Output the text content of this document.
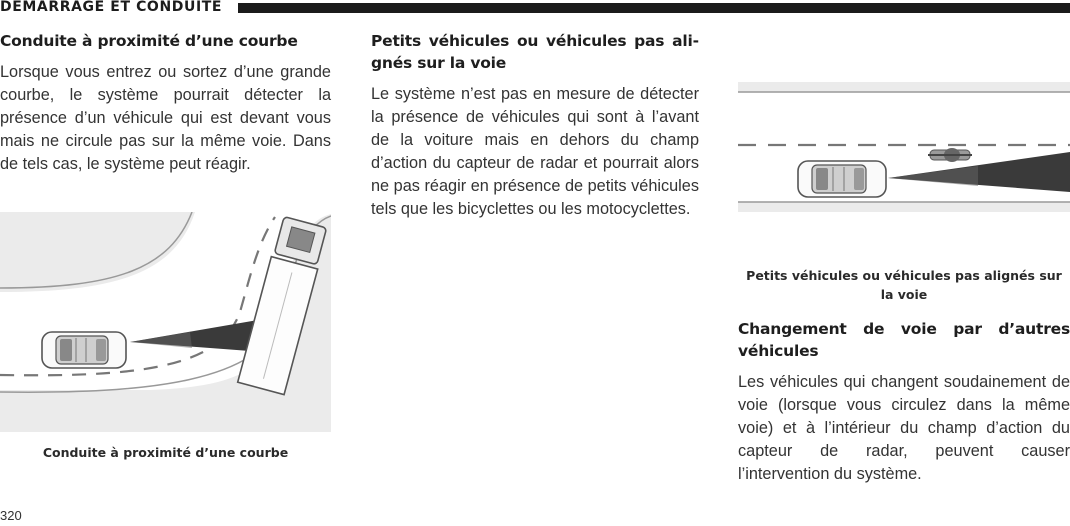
DÉMARRAGE ET CONDUITE
Conduite à proximité d’une courbe

Lorsque vous entrez ou sortez d’une grande courbe, le système pourrait détecter la présence d’un véhicule qui est devant vous mais ne circule pas sur la même voie. Dans de tels cas, le système peut réagir.

Conduite à proximité d’une courbe

Petits véhicules ou véhicules pas alignés sur la voie

Le système n’est pas en mesure de détecter la présence de véhicules qui sont à l’avant de la voiture mais en dehors du champ d’action du capteur de radar et pourrait alors ne pas réagir en présence de petits véhicules tels que les bicyclettes ou les motocyclettes.

Petits véhicules ou véhicules pas alignés sur la voie

Changement de voie par d’autres véhicules

Les véhicules qui changent soudainement de voie (lorsque vous circulez dans la même voie) et à l’intérieur du champ d’action du capteur de radar, peuvent causer l’intervention du système.

320
